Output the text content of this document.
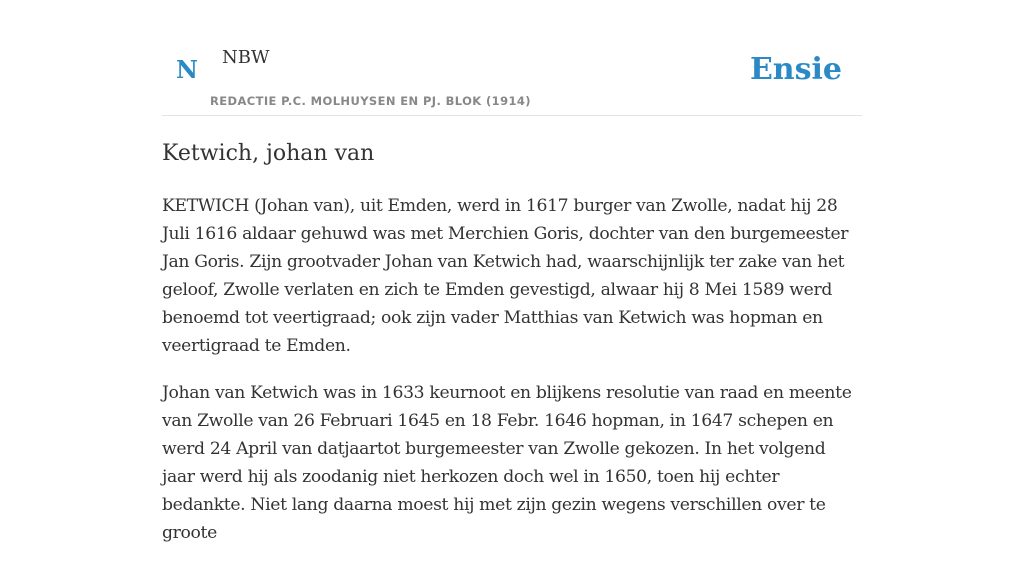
N NBW
REDACTIE P.C. MOLHUYSEN EN PJ. BLOK (1914)
Ensie
Ketwich, johan van

KETWICH (Johan van), uit Emden, werd in 1617 burger van Zwolle, nadat hij 28 Juli 1616 aldaar gehuwd was met Merchien Goris, dochter van den burgemeester Jan Goris. Zijn grootvader Johan van Ketwich had, waarschijnlijk ter zake van het geloof, Zwolle verlaten en zich te Emden gevestigd, alwaar hij 8 Mei 1589 werd benoemd tot veertigraad; ook zijn vader Matthias van Ketwich was hopman en veertigraad te Emden.

Johan van Ketwich was in 1633 keurnoot en blijkens resolutie van raad en meente van Zwolle van 26 Februari 1645 en 18 Febr. 1646 hopman, in 1647 schepen en werd 24 April van datjaartot burgemeester van Zwolle gekozen. In het volgend jaar werd hij als zoodanig niet herkozen doch wel in 1650, toen hij echter bedankte. Niet lang daarna moest hij met zijn gezin wegens verschillen over te groote
